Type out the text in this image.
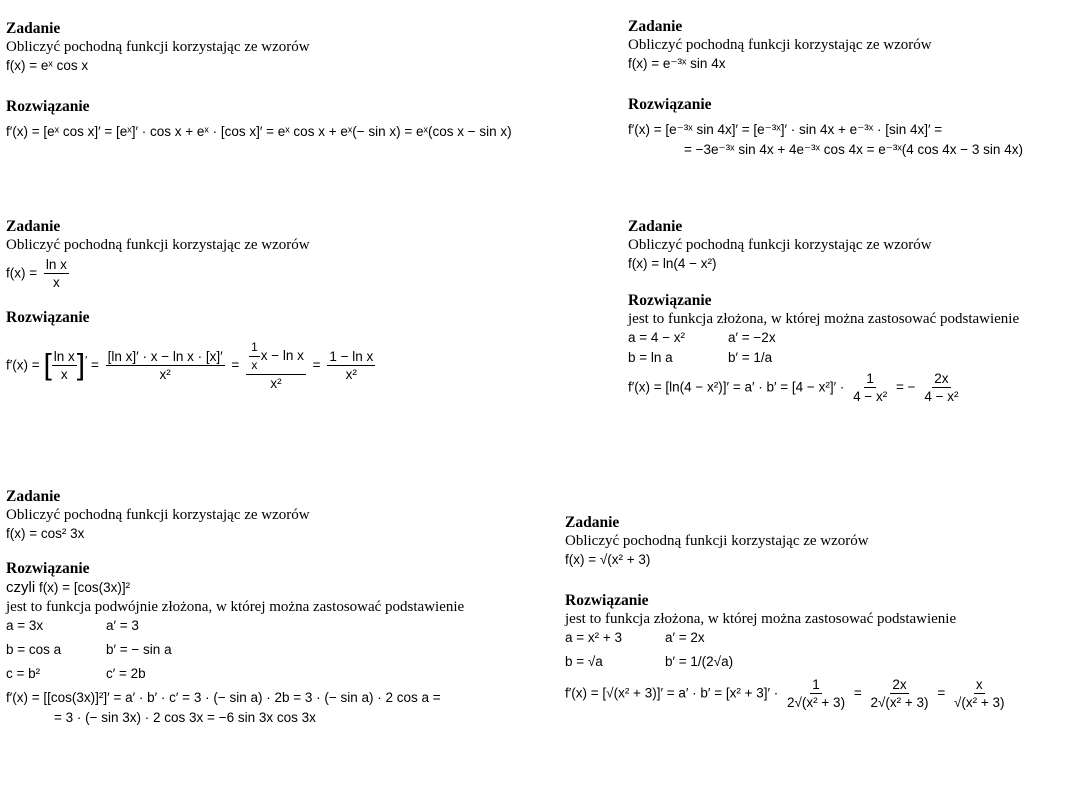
Zadanie
Obliczyć pochodną funkcji korzystając ze wzorów
f(x) = eˣ cos x
Rozwiązanie
f′(x) = [eˣ cos x]′ = [eˣ]′ · cos x + eˣ · [cos x]′ = eˣ cos x + eˣ(− sin x) = eˣ(cos x − sin x)
Zadanie
Obliczyć pochodną funkcji korzystając ze wzorów
f(x) = e⁻³ˣ sin 4x
Rozwiązanie
f′(x) = [e⁻³ˣ sin 4x]′ = [e⁻³ˣ]′ · sin 4x + e⁻³ˣ · [sin 4x]′ =
= −3e⁻³ˣ sin 4x + 4e⁻³ˣ cos 4x = e⁻³ˣ(4 cos 4x − 3 sin 4x)
Zadanie
Obliczyć pochodną funkcji korzystając ze wzorów
$f(x) = \frac{\text{ln x}}{x}$
Rozwiązanie
f′(x) = [ $\frac{\text{ln x}}{x} ]' = \frac{\text{[ln x]′ · x − ln x · [x]′}}{\text{x²}} = \frac{\frac{1}{x} x - \ln x}{\text{x²}} = \frac{\text{1 − ln x}}{\text{x²}}$
Zadanie
Obliczyć pochodną funkcji korzystając ze wzorów
f(x) = ln(4 − x²)
Rozwiązanie
jest to funkcja złożona, w której można zastosować podstawienie
a = 4 − x²	a′ = −2x
b = ln a	b′ = 1/a
$f'(x) = [\ln(4 - x^2)]' = a' \cdot b' = [4 - x^2]' \cdot \frac{1}{\text{4 − x²}}$ = − $\frac{2x}{\text{4 − x²}}$
Zadanie
Obliczyć pochodną funkcji korzystając ze wzorów
f(x) = cos² 3x
Rozwiązanie
czyli f(x) = [cos(3x)]²
jest to funkcja podwójnie złożona, w której można zastosować podstawienie
a = 3x	a′ = 3
b = cos a	b′ = − sin a
c = b²	c′ = 2b
f′(x) = [[cos(3x)]²]′ = a′ · b′ · c′ = 3 · (− sin a) · 2b = 3 · (− sin a) · 2 cos a =
= 3 · (− sin 3x) · 2 cos 3x = −6 sin 3x cos 3x
Zadanie
Obliczyć pochodną funkcji korzystając ze wzorów
f(x) = √(x² + 3)
Rozwiązanie
jest to funkcja złożona, w której można zastosować podstawienie
a = x² + 3	a′ = 2x
b = √a	b′ = 1/(2√a)
$f'(x) = [√(x^2 + 3)]' = a' \cdot b' = [x^2 + 3]' \cdot \frac{1}{\text{2√(x² + 3)}} = \frac{2x}{\text{2√(x² + 3)}} = \frac{x}{\text{√(x² + 3)}}$
